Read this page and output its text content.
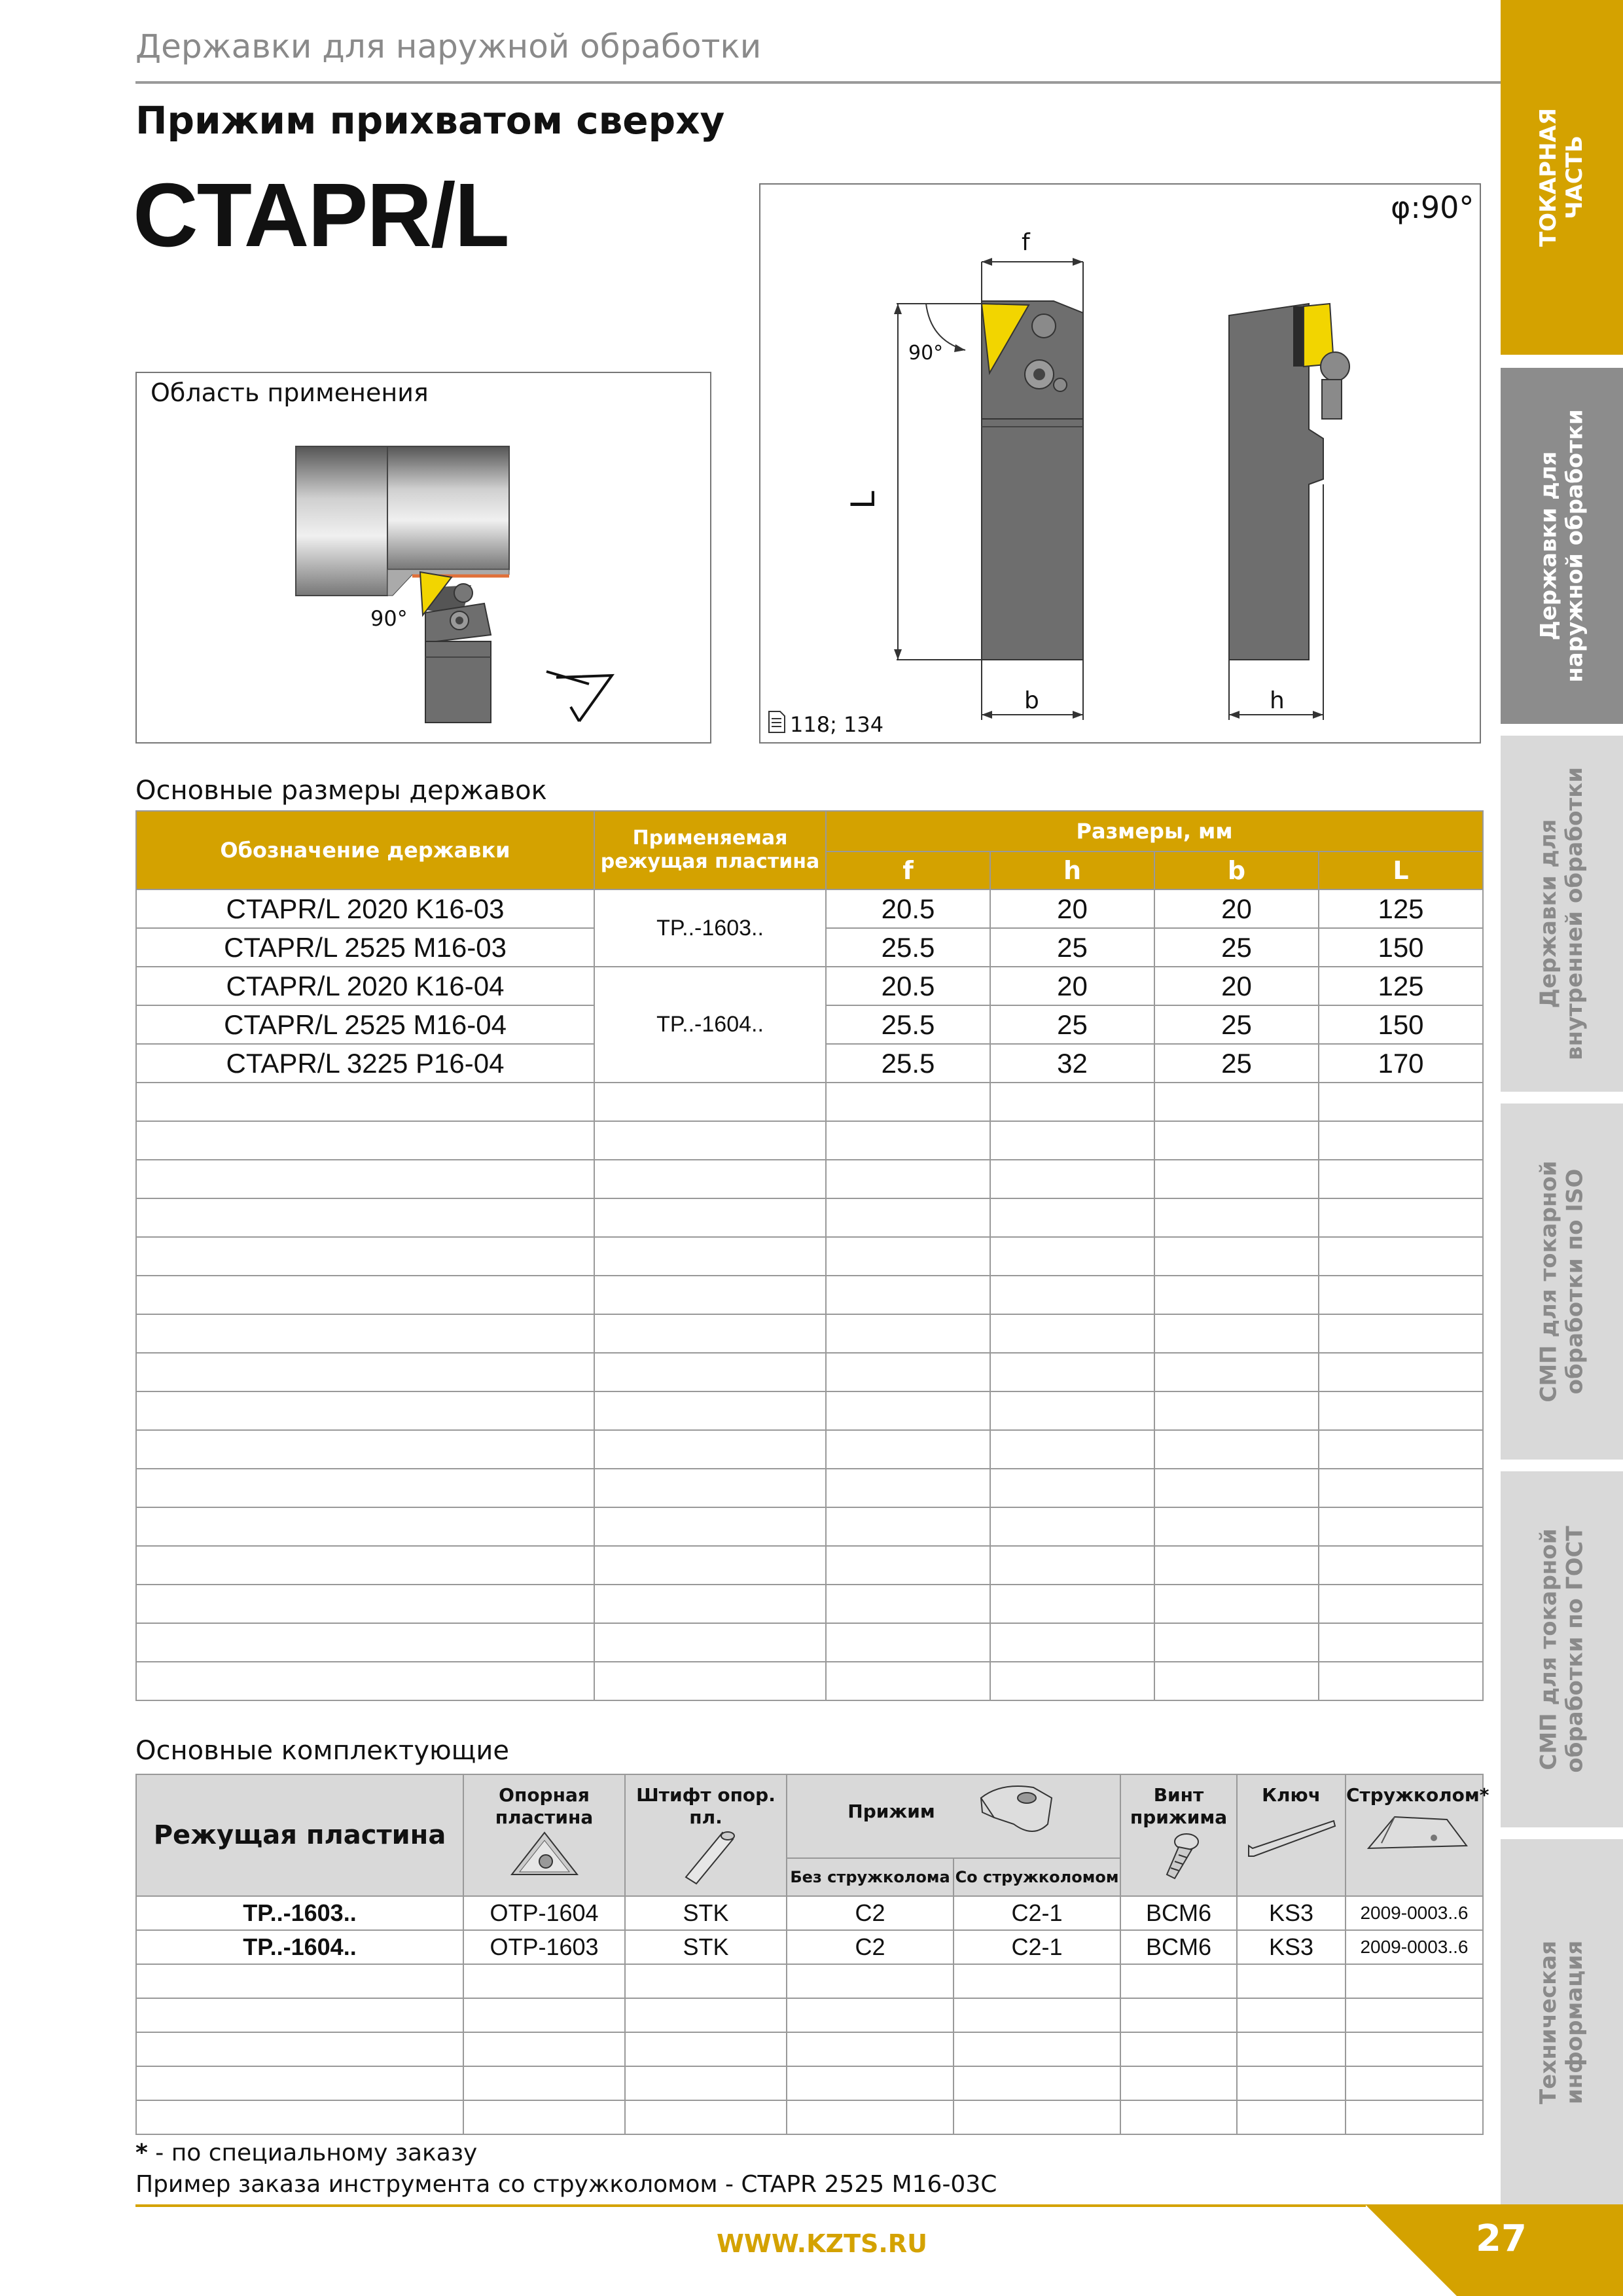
Державки для наружной обработки
Прижим прихватом сверху
CTAPR/L	ТОКАРНАЯ
ЧАСТЬ
Державки для
наружной обработки
Державки для
внутренней обработки
СМП для токарной
обработки по ISO
СМП для токарной
обработки по ГОСТ
Техническая
информация
Область применения
90°
φ:90°
f
L
b	h
90°
118; 134
Основные размеры державок
Обозначение державки	Применяемая режущая пластина	Размеры, мм			
		f	h	b	L
CTAPR/L 2020 K16-03	TP..-1603..	20.5	20	20	125
CTAPR/L 2525 M16-03		25.5	25	25	150
CTAPR/L 2020 K16-04	TP..-1604..	20.5	20	20	125
CTAPR/L 2525 M16-04		25.5	25	25	150
CTAPR/L 3225 P16-04		25.5	32	25	170

Основные комплектующие
Режущая пластина	Опорная пластина	Штифт опор. пл.	Прижим		Винт прижима	Ключ	Стружколом*

			Без стружколома	Со стружколомом			
TP..-1603..	OTP-1604	STK	C2	C2-1	BCM6	KS3	2009-0003..6
TP..-1604..	OTP-1603	STK	C2	C2-1	BCM6	KS3	2009-0003..6

* - по специальному заказу
Пример заказа инструмента со стружколомом - CTAPR 2525 M16-03C
WWW.KZTS.RU	27
